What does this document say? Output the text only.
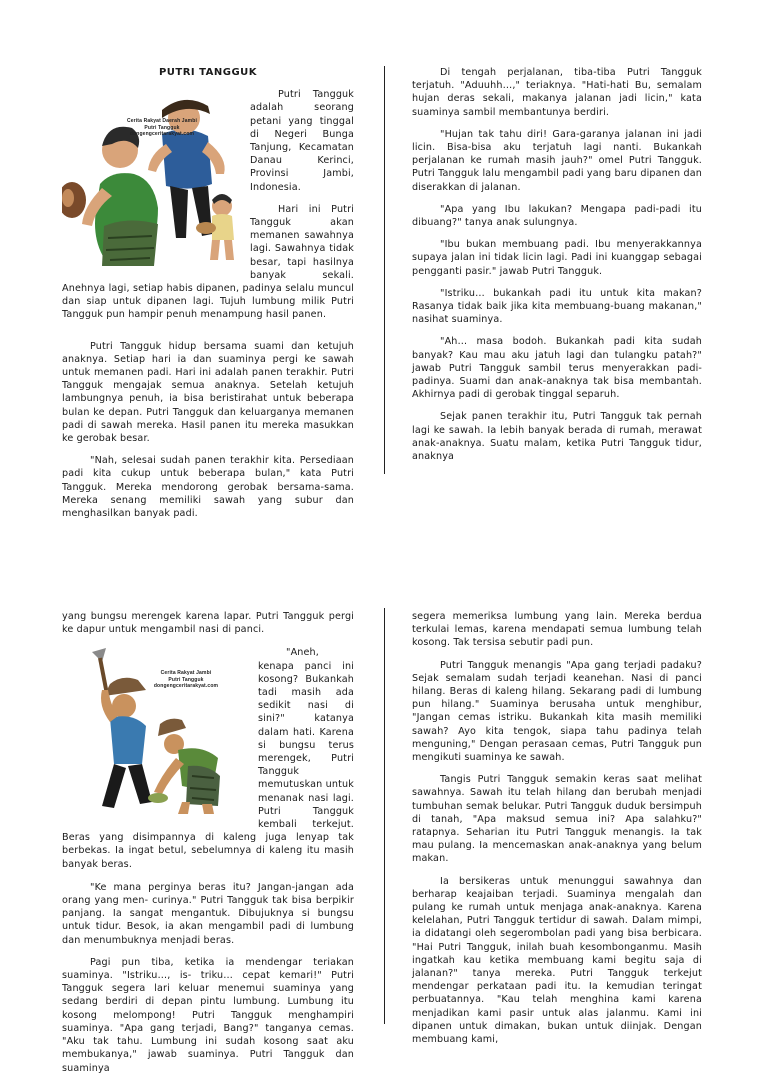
PUTRI TANGGUK

Cerita Rakyat Daerah Jambi
Putri Tangguk
dongengceritarakyat.com

Putri Tangguk adalah seorang petani yang tinggal di Negeri Bunga Tanjung, Kecamatan Danau Kerinci, Provinsi Jambi, Indonesia.

Hari ini Putri Tangguk akan memanen sawahnya lagi. Sawahnya tidak besar, tapi hasilnya banyak sekali. Anehnya lagi, setiap habis dipanen, padinya selalu muncul dan siap untuk dipanen lagi. Tujuh lumbung milik Putri Tangguk pun hampir penuh menampung hasil panen.

Putri Tangguk hidup bersama suami dan ketujuh anaknya. Setiap hari ia dan suaminya pergi ke sawah untuk memanen padi. Hari ini adalah panen terakhir. Putri Tangguk mengajak semua anaknya. Setelah ketujuh lambungnya penuh, ia bisa beristirahat untuk beberapa bulan ke depan. Putri Tangguk dan keluarganya memanen padi di sawah mereka. Hasil panen itu mereka masukkan ke gerobak besar.

"Nah, selesai sudah panen terakhir kita. Persediaan padi kita cukup untuk beberapa bulan," kata Putri Tangguk. Mereka mendorong gerobak bersama-sama. Mereka senang memiliki sawah yang subur dan menghasilkan banyak padi.

Di tengah perjalanan, tiba-tiba Putri Tangguk terjatuh. "Aduuhh…," teriaknya. "Hati-hati Bu, semalam hujan deras sekali, makanya jalanan jadi licin," kata suaminya sambil membantunya berdiri.

"Hujan tak tahu diri! Gara-garanya jalanan ini jadi licin. Bisa-bisa aku terjatuh lagi nanti. Bukankah perjalanan ke rumah masih jauh?" omel Putri Tangguk. Putri Tangguk lalu mengambil padi yang baru dipanen dan diserakkan di jalanan.

"Apa yang Ibu lakukan? Mengapa padi-padi itu dibuang?" tanya anak sulungnya.

"Ibu bukan membuang padi. Ibu menyerakkannya supaya jalan ini tidak licin lagi. Padi ini kuanggap sebagai pengganti pasir." jawab Putri Tangguk.

"Istriku… bukankah padi itu untuk kita makan? Rasanya tidak baik jika kita membuang-buang makanan," nasihat suaminya.

"Ah… masa bodoh. Bukankah padi kita sudah banyak? Kau mau aku jatuh lagi dan tulangku patah?" jawab Putri Tangguk sambil terus menyerakkan padi-padinya. Suami dan anak-anaknya tak bisa membantah. Akhirnya padi di gerobak tinggal separuh.

Sejak panen terakhir itu, Putri Tangguk tak pernah lagi ke sawah. Ia lebih banyak berada di rumah, merawat anak-anaknya. Suatu malam, ketika Putri Tangguk tidur, anaknya

yang bungsu merengek karena lapar. Putri Tangguk pergi ke dapur untuk mengambil nasi di panci.

Cerita Rakyat Jambi
Putri Tangguk
dongengceritarakyat.com

"Aneh, kenapa panci ini kosong? Bukankah tadi masih ada sedikit nasi di sini?" katanya dalam hati. Karena si bungsu terus merengek, Putri Tangguk memutuskan untuk menanak nasi lagi. Putri Tangguk kembali terkejut. Beras yang disimpannya di kaleng juga lenyap tak berbekas. Ia ingat betul, sebelumnya di kaleng itu masih banyak beras.

"Ke mana perginya beras itu? Jangan-jangan ada orang yang men- curinya." Putri Tangguk tak bisa berpikir panjang. Ia sangat mengantuk. Dibujuknya si bungsu untuk tidur. Besok, ia akan mengambil padi di lumbung dan menumbuknya menjadi beras.

Pagi pun tiba, ketika ia mendengar teriakan suaminya. "Istriku…, is- triku… cepat kemari!" Putri Tangguk segera lari keluar menemui suaminya yang sedang berdiri di depan pintu lumbung. Lumbung itu kosong melompong! Putri Tangguk menghampiri suaminya. "Apa gang terjadi, Bang?" tanganya cemas. "Aku tak tahu. Lumbung ini sudah kosong saat aku membukanya," jawab suaminya. Putri Tangguk dan suaminya

segera memeriksa lumbung yang lain. Mereka berdua terkulai lemas, karena mendapati semua lumbung telah kosong. Tak tersisa sebutir padi pun.

Putri Tangguk menangis "Apa gang terjadi padaku? Sejak semalam sudah terjadi keanehan. Nasi di panci hilang. Beras di kaleng hilang. Sekarang padi di lumbung pun hilang." Suaminya berusaha untuk menghibur, "Jangan cemas istriku. Bukankah kita masih memiliki sawah? Ayo kita tengok, siapa tahu padinya telah menguning," Dengan perasaan cemas, Putri Tangguk pun mengikuti suaminya ke sawah.

Tangis Putri Tangguk semakin keras saat melihat sawahnya. Sawah itu telah hilang dan berubah menjadi tumbuhan semak belukar. Putri Tangguk duduk bersimpuh di tanah, "Apa maksud semua ini? Apa salahku?" ratapnya. Seharian itu Putri Tangguk menangis. Ia tak mau pulang. Ia mencemaskan anak-anaknya yang belum makan.

Ia bersikeras untuk menunggui sawahnya dan berharap keajaiban terjadi. Suaminya mengalah dan pulang ke rumah untuk menjaga anak-anaknya. Karena kelelahan, Putri Tangguk tertidur di sawah. Dalam mimpi, ia didatangi oleh segerombolan padi yang bisa berbicara. "Hai Putri Tangguk, inilah buah kesombonganmu. Masih ingatkah kau ketika membuang kami begitu saja di jalanan?" tanya mereka. Putri Tangguk terkejut mendengar perkataan padi itu. Ia kemudian teringat perbuatannya. "Kau telah menghina kami karena menjadikan kami pasir untuk alas jalanmu. Kami ini dipanen untuk dimakan, bukan untuk diinjak. Dengan membuang kami,
